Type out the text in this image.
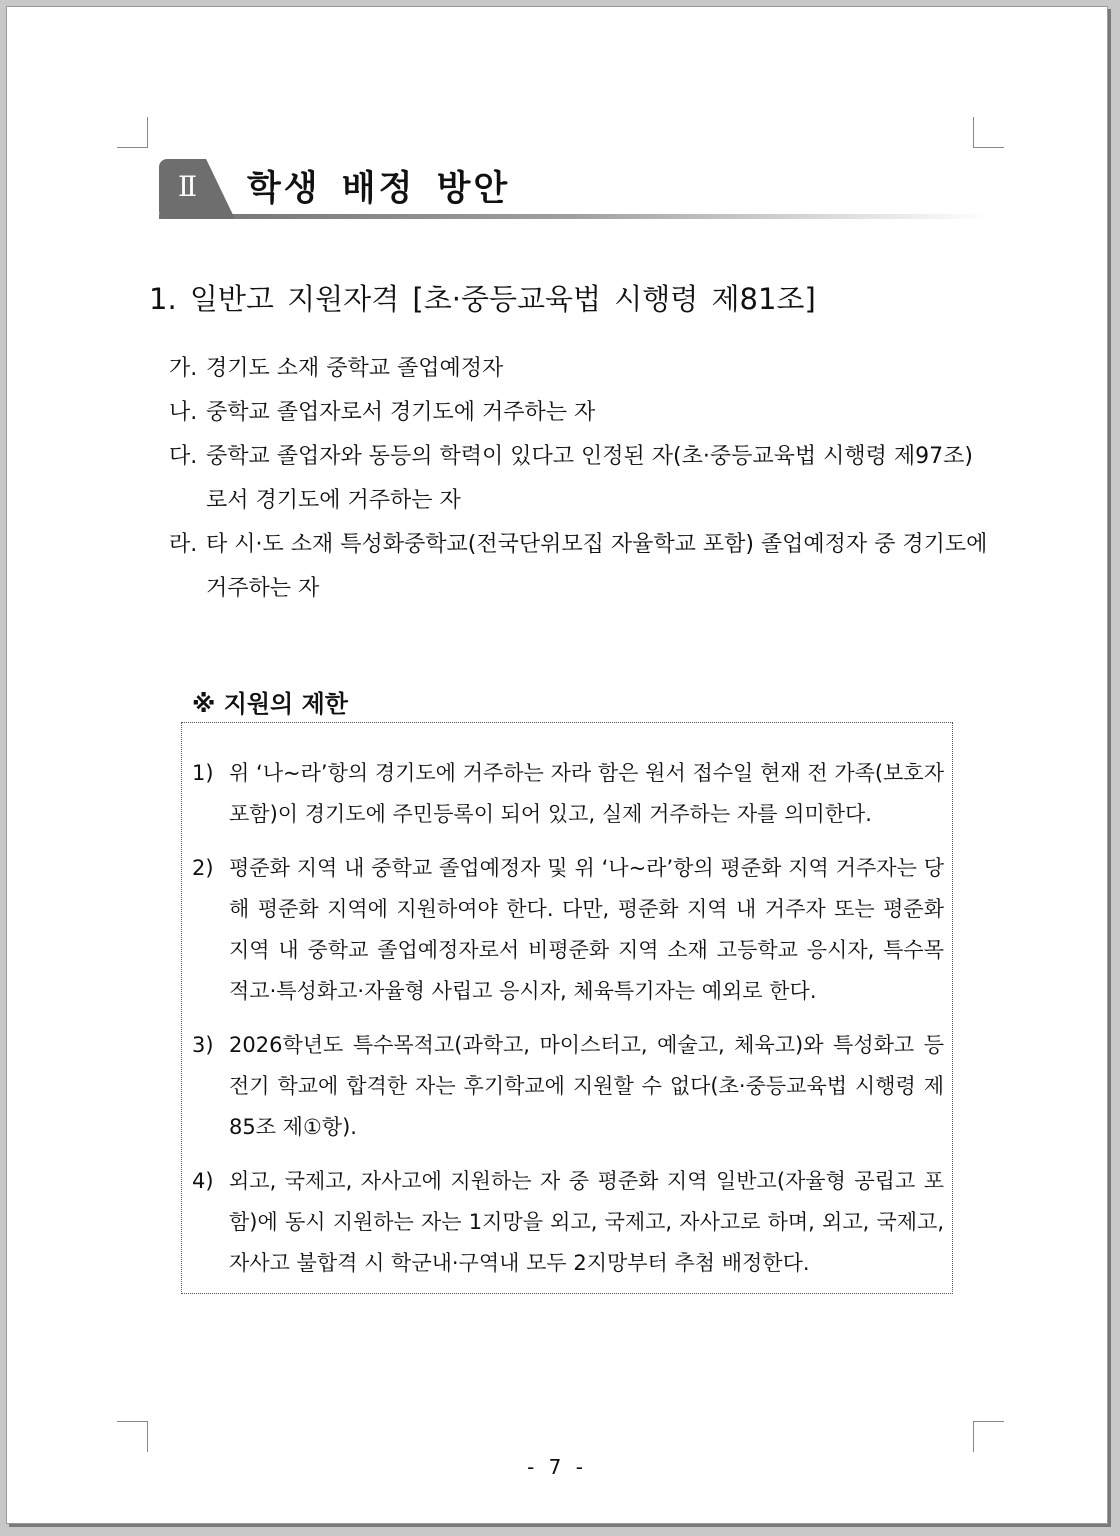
Ⅱ 학생 배정 방안
1. 일반고 지원자격 [초·중등교육법 시행령 제81조]

가. 경기도 소재 중학교 졸업예정자

나. 중학교 졸업자로서 경기도에 거주하는 자

다. 중학교 졸업자와 동등의 학력이 있다고 인정된 자(초·중등교육법 시행령 제97조)로서 경기도에 거주하는 자

라. 타 시·도 소재 특성화중학교(전국단위모집 자율학교 포함) 졸업예정자 중 경기도에 거주하는 자

※ 지원의 제한

1) 위 ‘나~라’항의 경기도에 거주하는 자라 함은 원서 접수일 현재 전 가족(보호자 포함)이 경기도에 주민등록이 되어 있고, 실제 거주하는 자를 의미한다.

2) 평준화 지역 내 중학교 졸업예정자 및 위 ‘나~라’항의 평준화 지역 거주자는 당해 평준화 지역에 지원하여야 한다. 다만, 평준화 지역 내 거주자 또는 평준화 지역 내 중학교 졸업예정자로서 비평준화 지역 소재 고등학교 응시자, 특수목적고·특성화고·자율형 사립고 응시자, 체육특기자는 예외로 한다.

3) 2026학년도 특수목적고(과학고, 마이스터고, 예술고, 체육고)와 특성화고 등 전기 학교에 합격한 자는 후기학교에 지원할 수 없다(초·중등교육법 시행령 제85조 제①항).

4) 외고, 국제고, 자사고에 지원하는 자 중 평준화 지역 일반고(자율형 공립고 포함)에 동시 지원하는 자는 1지망을 외고, 국제고, 자사고로 하며, 외고, 국제고, 자사고 불합격 시 학군내·구역내 모두 2지망부터 추첨 배정한다.

- 7 -
